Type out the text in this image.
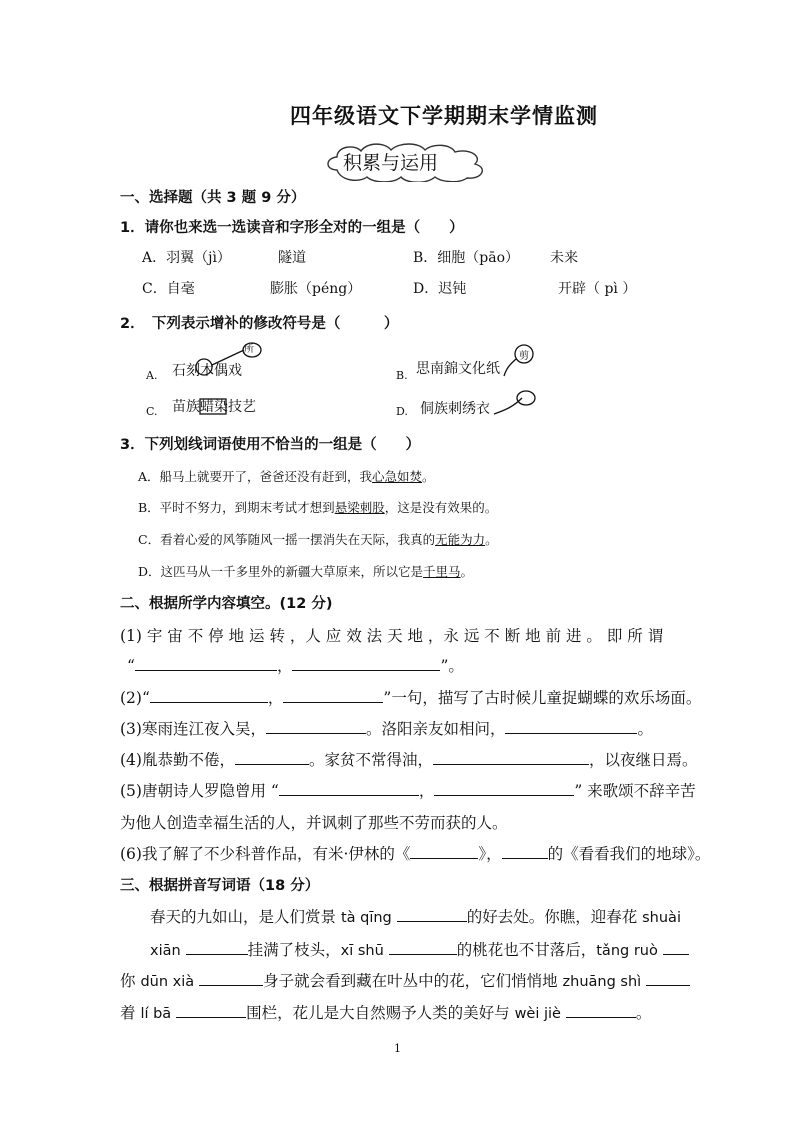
四年级语文下学期期末学情监测
积累与运用
一、选择题（共 3 题 9 分）
1．请你也来选一选读音和字形全对的一组是（　　）
A．羽翼（jì）	隧道	B．细胞（pāo） 未来
C．自毫	膨胀（péng）	D．迟钝	开辟（ pì ）
2．　下列表示增补的修改符号是（　　　）
A. 石刻木偶戏
所
B. 思南錦文化纸
剪
C. 苗族蜡染技艺	D. 侗族刺绣衣
3．下列划线词语使用不恰当的一组是（　　）
A．船马上就要开了，爸爸还没有赶到，我心急如焚。
B．平时不努力，到期末考试才想到悬梁刺股，这是没有效果的。
C．看着心爱的风筝随风一摇一摆消失在天际，我真的无能为力。
D．这匹马从一千多里外的新疆大草原来，所以它是千里马。
二、根据所学内容填空。(12 分)
(1) 宇 宙 不 停 地 运 转 ，人 应 效 法 天 地 ，永 远 不 断 地 前 进 。 即 所 谓
“	，	”。
(2)“	，	”一句，描写了古时候儿童捉蝴蝶的欢乐场面。
(3)寒雨连江夜入吴，	。洛阳亲友如相问，	。
(4)胤恭勤不倦，	。家贫不常得油，	，以夜继日焉。
(5)唐朝诗人罗隐曾用 “	，	” 来歌颂不辞辛苦
为他人创造幸福生活的人，并讽刺了那些不劳而获的人。
(6)我了解了不少科普作品，有米·伊林的《	》，	的《看看我们的地球》。
三、根据拼音写词语（18 分）
春天的九如山，是人们赏景 tà qīng	的好去处。你瞧，迎春花 shuài
xiān	挂满了枝头，xī shū	的桃花也不甘落后，tǎng ruò
你 dūn xià	身子就会看到藏在叶丛中的花，它们悄悄地 zhuāng shì
着 lí bā	围栏，花儿是大自然赐予人类的美好与 wèi jiè	。
1
